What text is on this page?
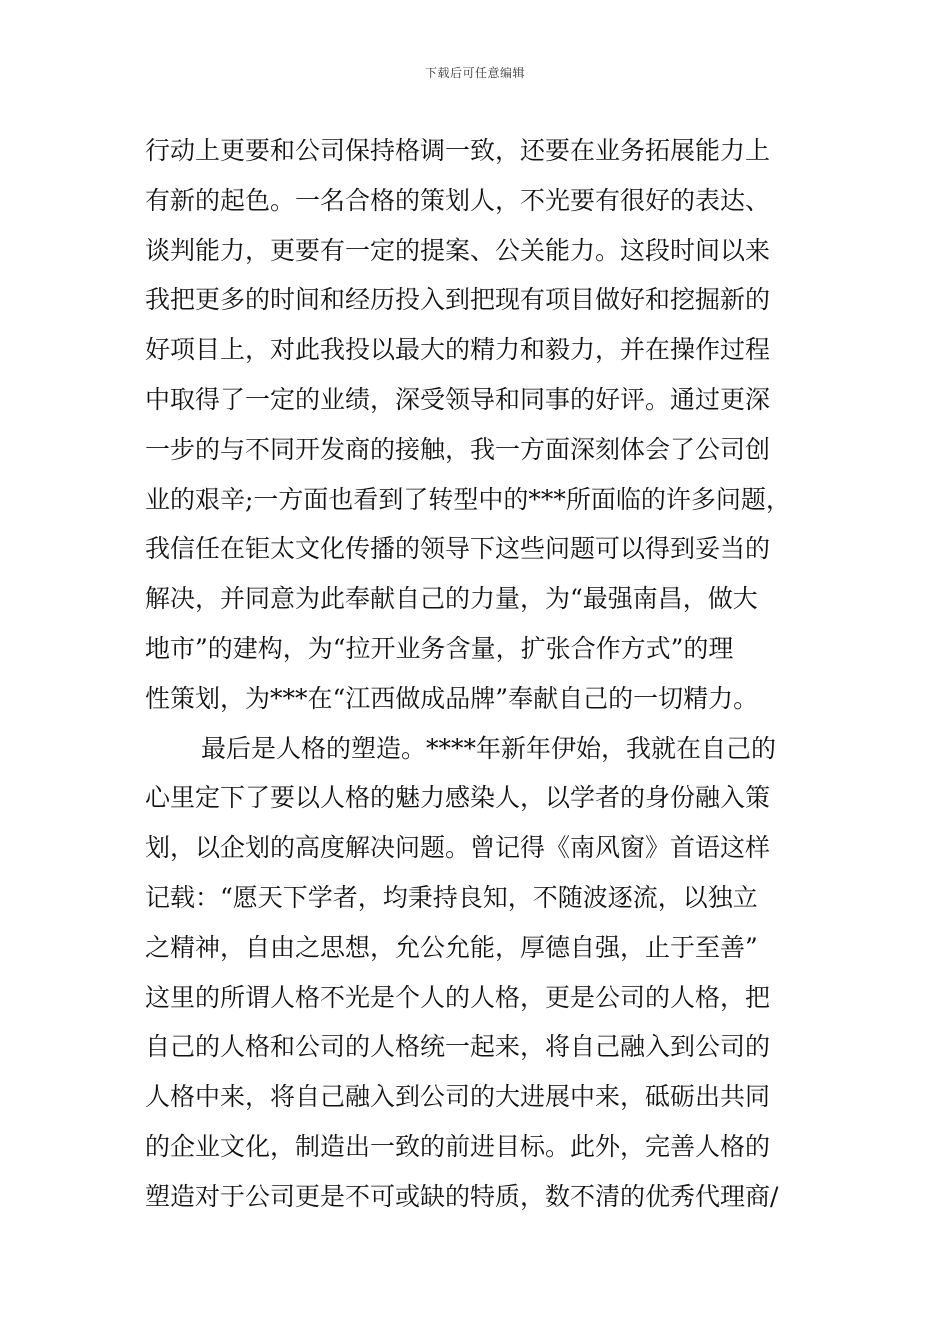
下载后可任意编辑
行动上更要和公司保持格调一致，还要在业务拓展能力上
有新的起色。一名合格的策划人，不光要有很好的表达、
谈判能力，更要有一定的提案、公关能力。这段时间以来
我把更多的时间和经历投入到把现有项目做好和挖掘新的
好项目上，对此我投以最大的精力和毅力，并在操作过程
中取得了一定的业绩，深受领导和同事的好评。通过更深
一步的与不同开发商的接触，我一方面深刻体会了公司创
业的艰辛;一方面也看到了转型中的***所面临的许多问题，
我信任在钜太文化传播的领导下这些问题可以得到妥当的
解决，并同意为此奉献自己的力量，为“最强南昌，做大
地市”的建构，为“拉开业务含量，扩张合作方式”的理
性策划，为***在“江西做成品牌”奉献自己的一切精力。
最后是人格的塑造。****年新年伊始，我就在自己的
心里定下了要以人格的魅力感染人，以学者的身份融入策
划，以企划的高度解决问题。曾记得《南风窗》首语这样
记载：“愿天下学者，均秉持良知，不随波逐流，以独立
之精神，自由之思想，允公允能，厚德自强，止于至善”
这里的所谓人格不光是个人的人格，更是公司的人格，把
自己的人格和公司的人格统一起来，将自己融入到公司的
人格中来，将自己融入到公司的大进展中来，砥砺出共同
的企业文化，制造出一致的前进目标。此外，完善人格的
塑造对于公司更是不可或缺的特质，数不清的优秀代理商/
